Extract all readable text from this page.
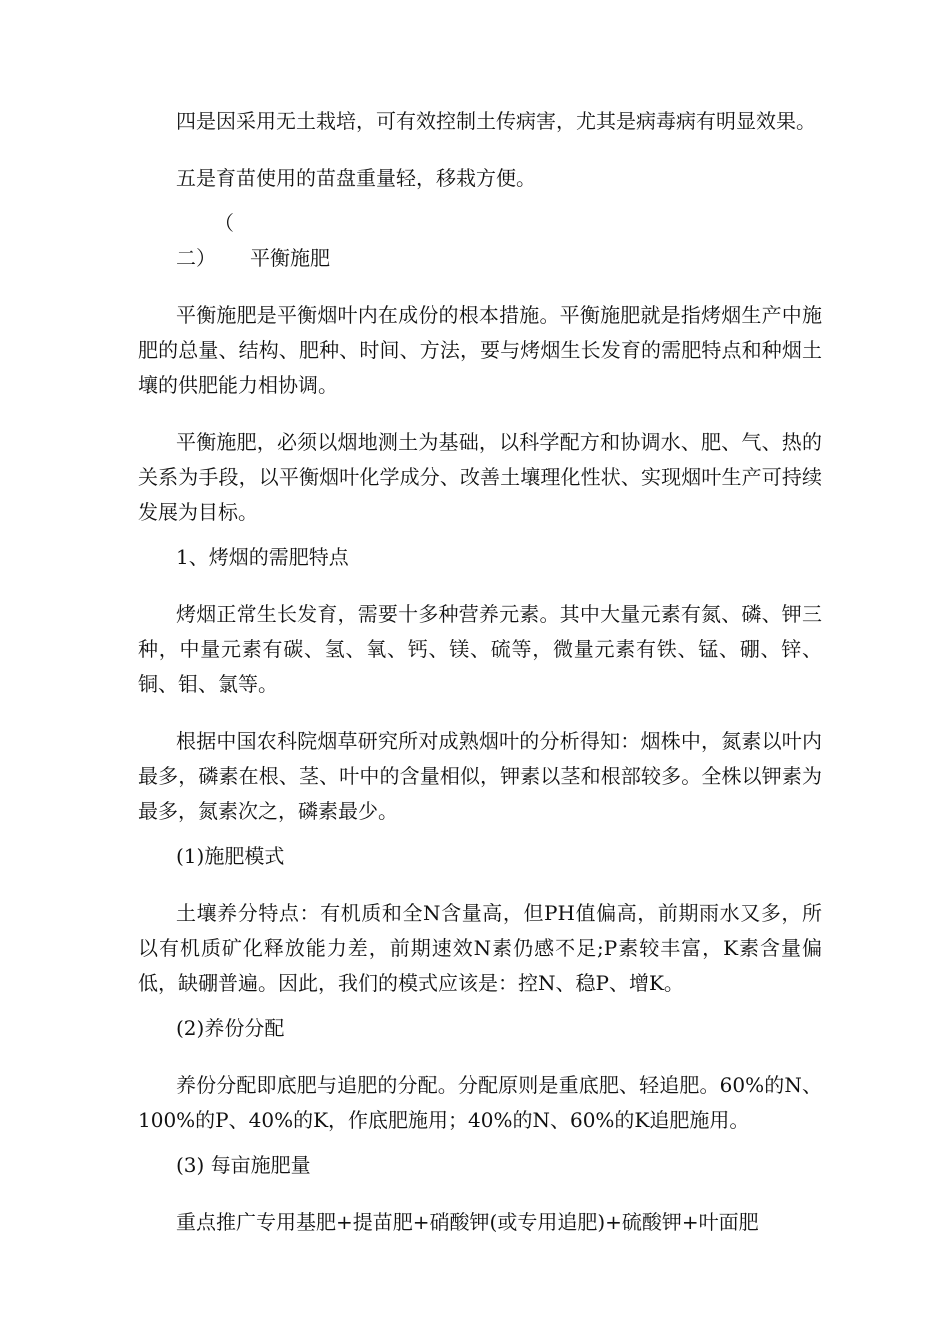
四是因采用无土栽培，可有效控制土传病害，尤其是病毒病有明显效果。

五是育苗使用的苗盘重量轻，移栽方便。

（二） 平衡施肥

平衡施肥是平衡烟叶内在成份的根本措施。平衡施肥就是指烤烟生产中施肥的总量、结构、肥种、时间、方法，要与烤烟生长发育的需肥特点和种烟土壤的供肥能力相协调。

平衡施肥，必须以烟地测土为基础，以科学配方和协调水、肥、气、热的关系为手段，以平衡烟叶化学成分、改善土壤理化性状、实现烟叶生产可持续发展为目标。

1、烤烟的需肥特点

烤烟正常生长发育，需要十多种营养元素。其中大量元素有氮、磷、钾三种，中量元素有碳、氢、氧、钙、镁、硫等，微量元素有铁、锰、硼、锌、铜、钼、氯等。

根据中国农科院烟草研究所对成熟烟叶的分析得知：烟株中，氮素以叶内最多，磷素在根、茎、叶中的含量相似，钾素以茎和根部较多。全株以钾素为最多，氮素次之，磷素最少。

(1)施肥模式

土壤养分特点：有机质和全N含量高，但PH值偏高，前期雨水又多，所以有机质矿化释放能力差，前期速效N素仍感不足;P素较丰富，K素含量偏低，缺硼普遍。因此，我们的模式应该是：控N、稳P、增K。

(2)养份分配

养份分配即底肥与追肥的分配。分配原则是重底肥、轻追肥。60%的N、100%的P、40%的K，作底肥施用；40%的N、60%的K追肥施用。

(3) 每亩施肥量

重点推广专用基肥+提苗肥+硝酸钾(或专用追肥)+硫酸钾+叶面肥
